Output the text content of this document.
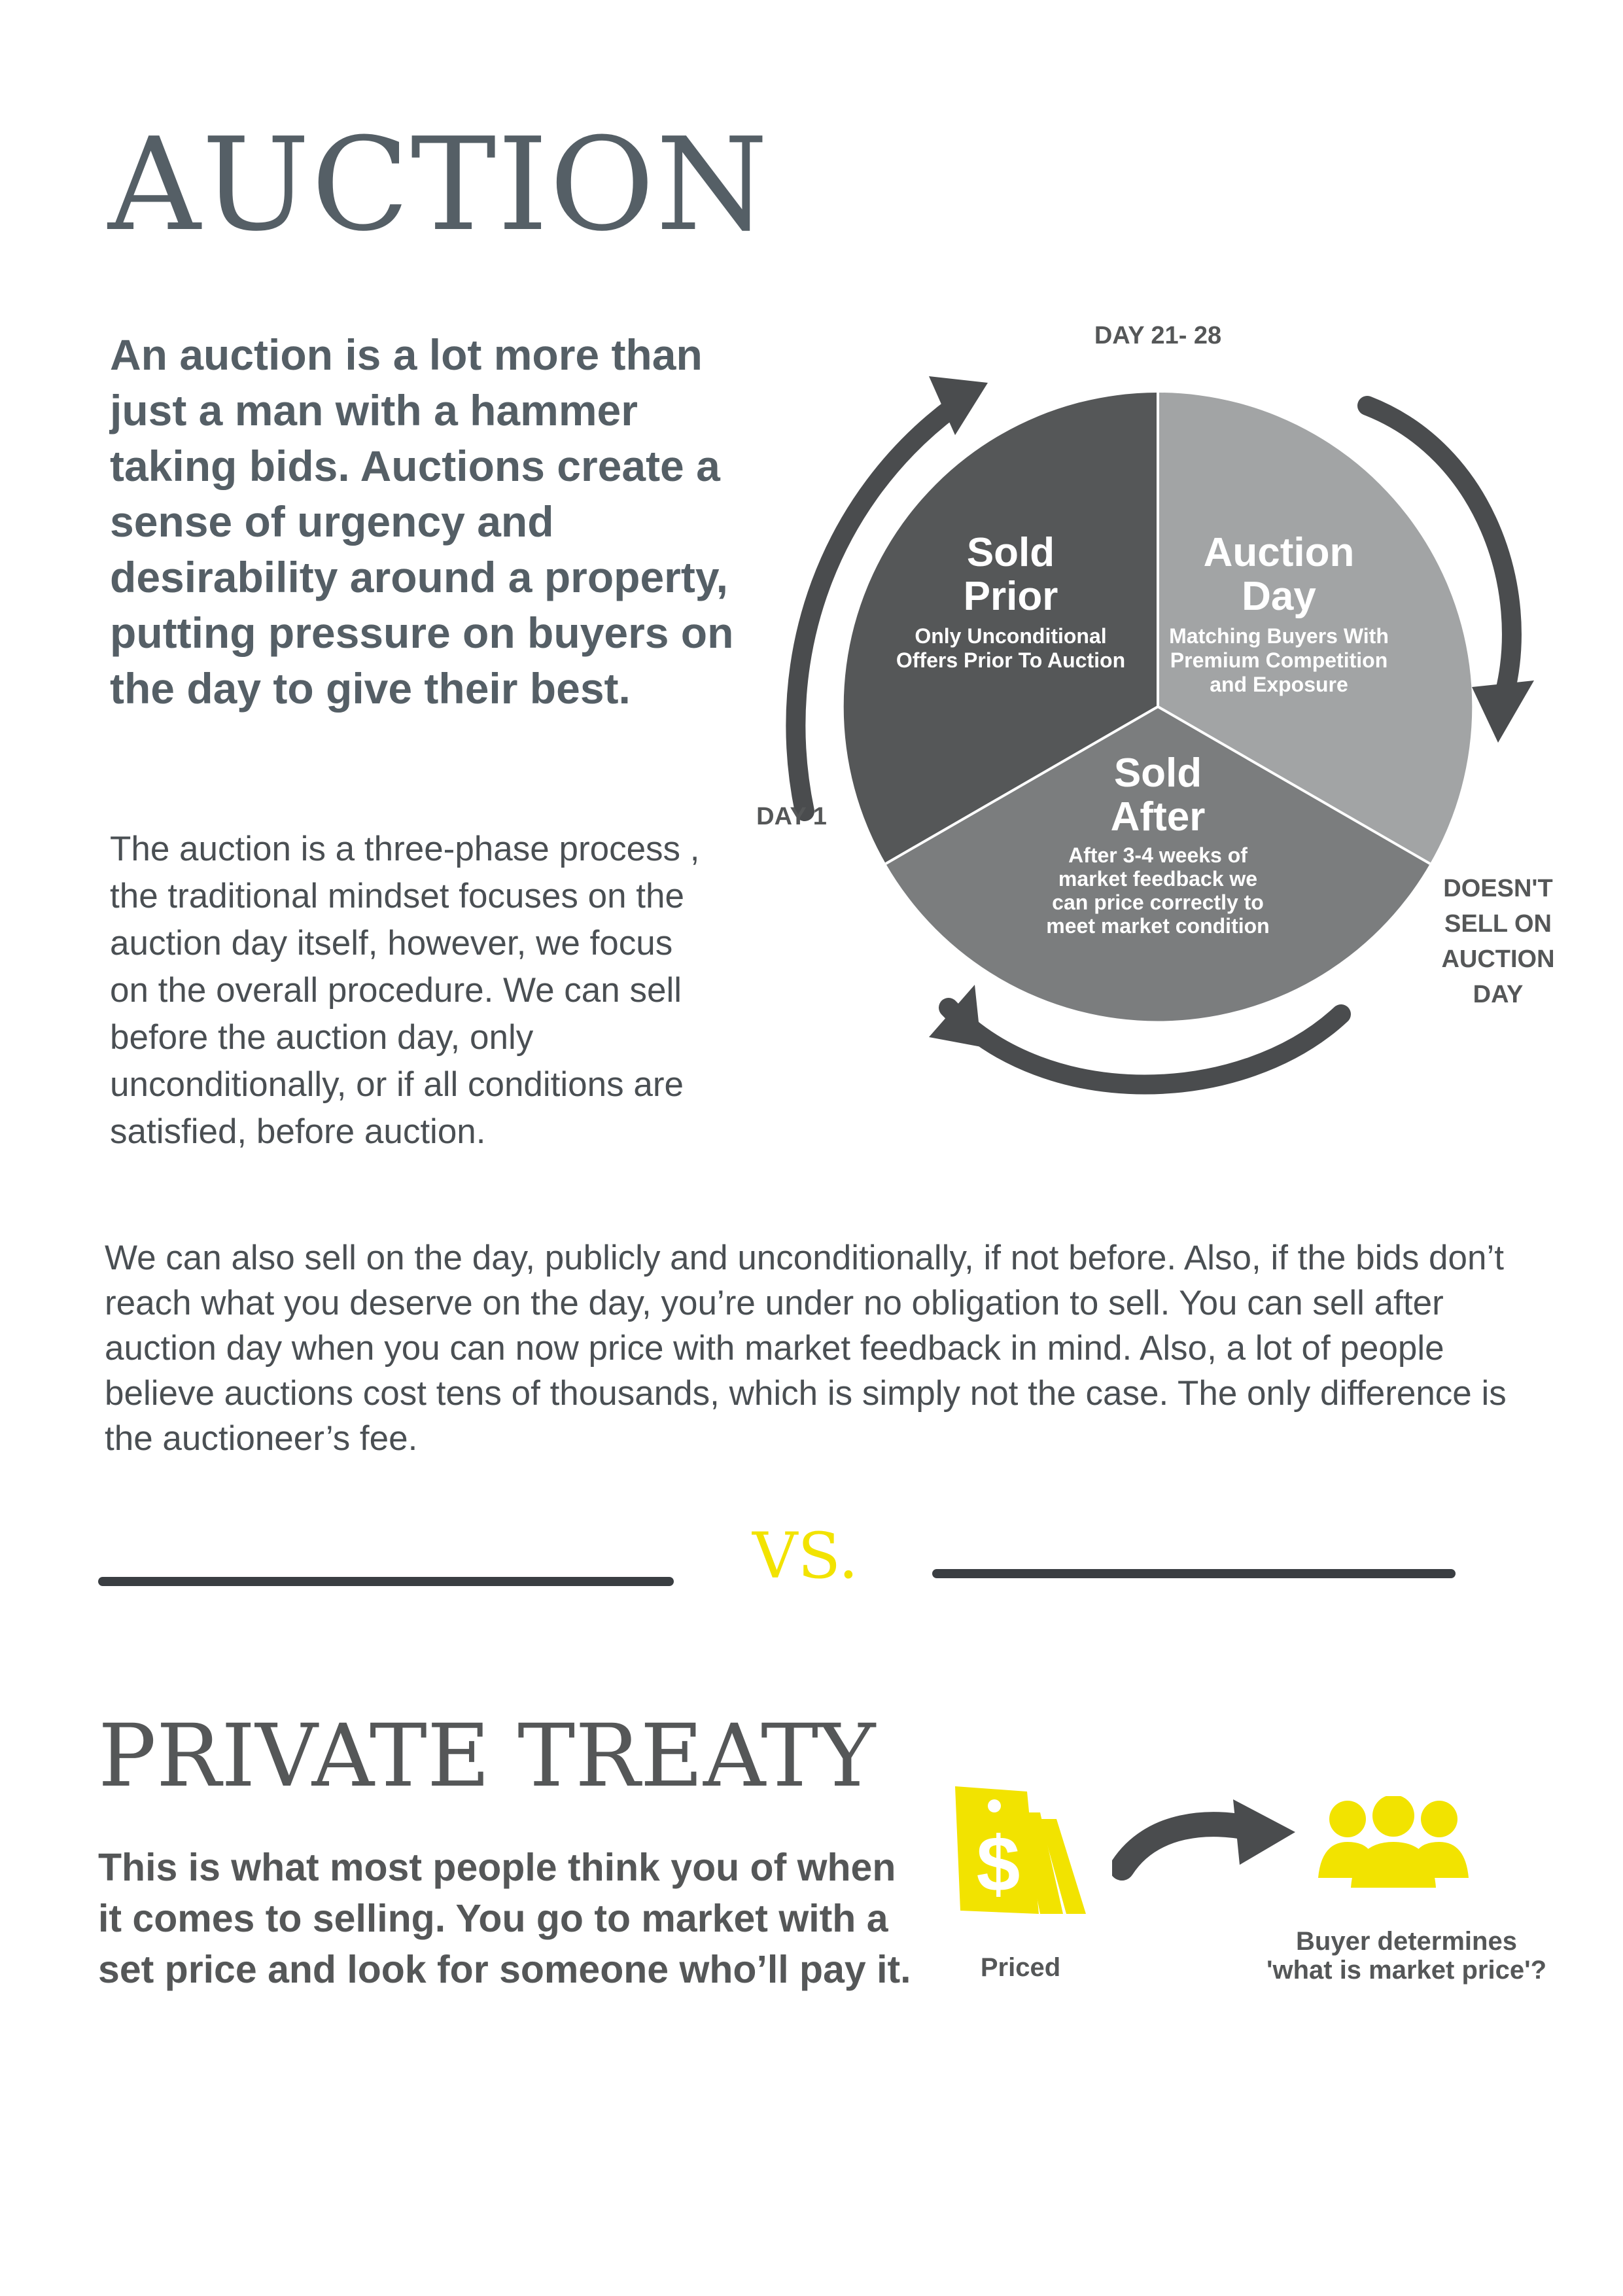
AUCTION
An auction is a lot more than just a man with a hammer taking bids. Auctions create a sense of urgency and desirability around a property, putting pressure on buyers on the day to give their best.
The auction is a three-phase process , the traditional mindset focuses on the auction day itself, however, we focus on the overall procedure. We can sell before the auction day, only unconditionally, or if all conditions are satisfied, before auction.
DAY 21- 28
DAY 1
DOESN'T
SELL ON
AUCTION
DAY
Sold
Prior
Only Unconditional
Offers Prior To Auction
Auction
Day
Matching Buyers With
Premium Competition
and Exposure
Sold
After
After 3-4 weeks of
market feedback we
can price correctly to
meet market condition
We can also sell on the day, publicly and unconditionally, if not before. Also, if the bids don’t reach what you deserve on the day, you’re under no obligation to sell. You can sell after auction day when you can now price with market feedback in mind. Also, a lot of people believe auctions cost tens of thousands, which is simply not the case. The only difference is the auctioneer’s fee.
VS.
PRIVATE TREATY
This is what most people think you of when it comes to selling. You go to market with a set price and look for someone who’ll pay it.
$
Priced
Buyer determines
'what is market price'?
